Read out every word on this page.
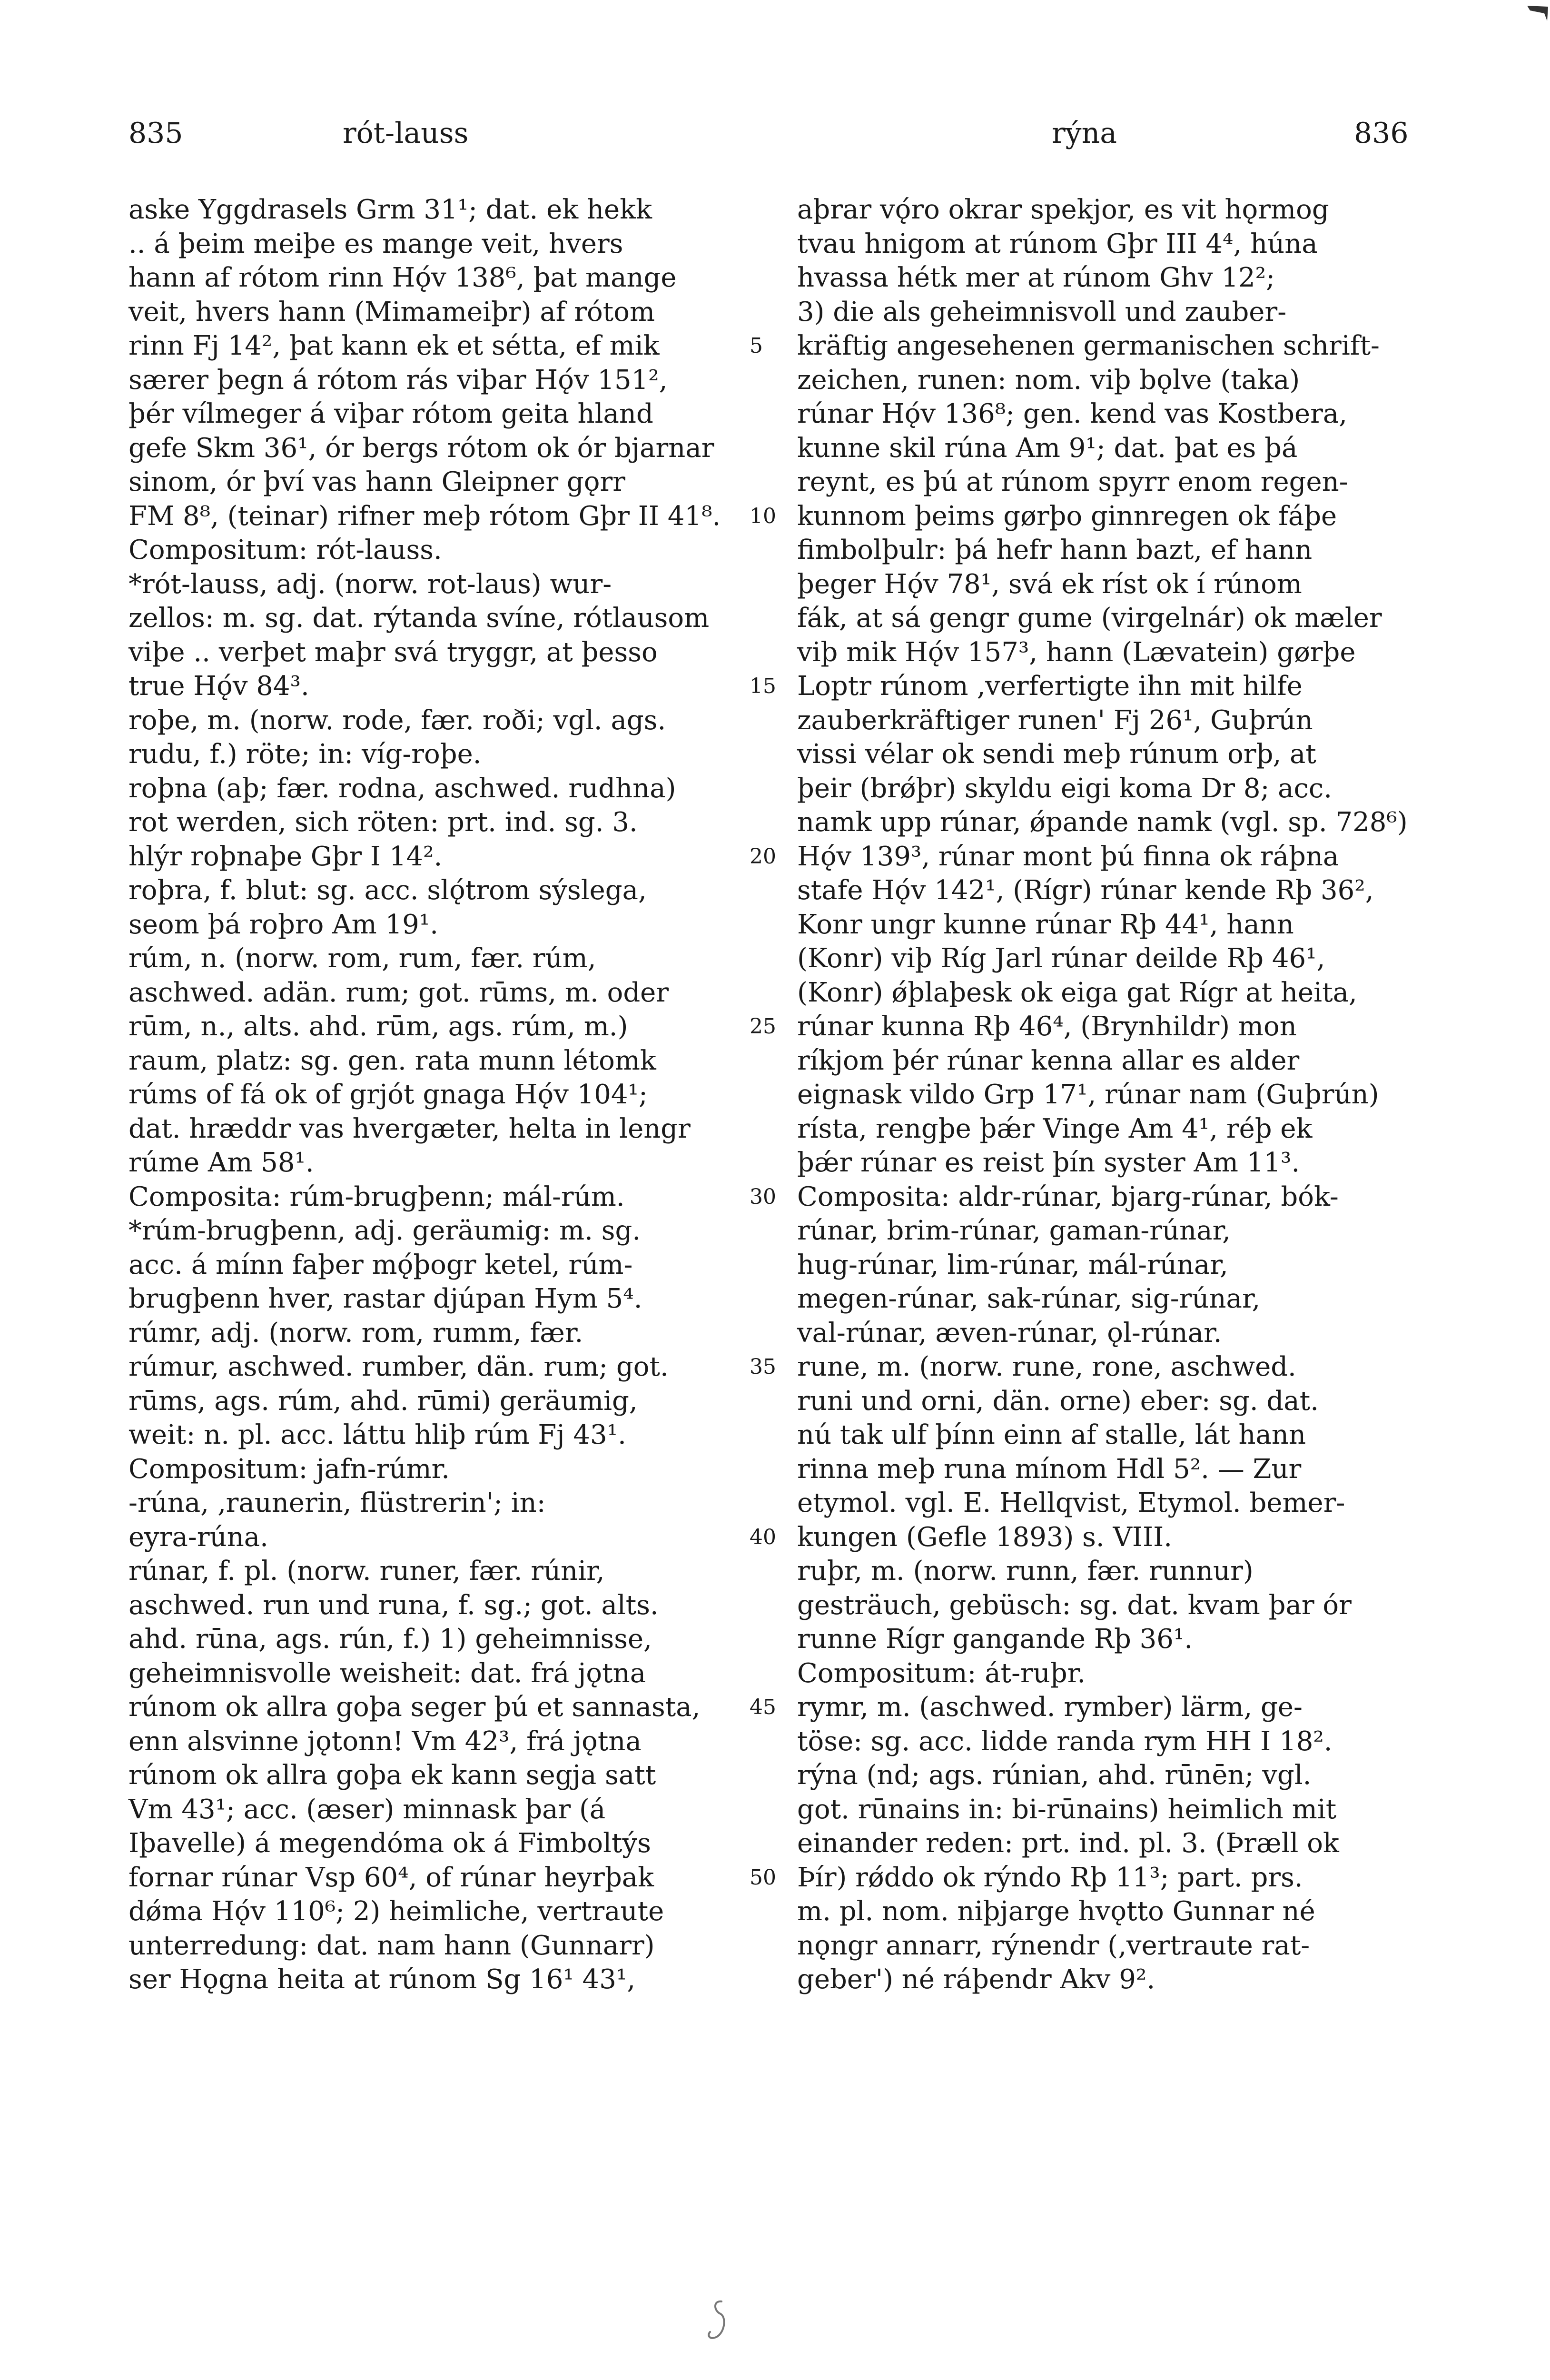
835	rót-lauss	rýna	836
aske Yggdrasels Grm 31¹; dat. ek hekk
.. á þeim meiþe es mange veit, hvers
hann af rótom rinn Hǫ́v 138⁶, þat mange
veit, hvers hann (Mimameiþr) af rótom
rinn Fj 14², þat kann ek et sétta, ef mik
særer þegn á rótom rás viþar Hǫ́v 151²,
þér vílmeger á viþar rótom geita hland
gefe Skm 36¹, ór bergs rótom ok ór bjarnar
sinom, ór því vas hann Gleipner gǫrr
FM 8⁸, (teinar) rifner meþ rótom Gþr II 41⁸.
Compositum: rót-lauss.
*rót-lauss, adj. (norw. rot-laus) wur-
zellos: m. sg. dat. rýtanda svíne, rótlausom
viþe .. verþet maþr svá tryggr, at þesso
true Hǫ́v 84³.
roþe, m. (norw. rode, fær. roði; vgl. ags.
rudu, f.) röte; in: víg-roþe.
roþna (aþ; fær. rodna, aschwed. rudhna)
rot werden, sich röten: prt. ind. sg. 3.
hlýr roþnaþe Gþr I 14².
roþra, f. blut: sg. acc. slǫ́trom sýslega,
seom þá roþro Am 19¹.
rúm, n. (norw. rom, rum, fær. rúm,
aschwed. adän. rum; got. rūms, m. oder
rūm, n., alts. ahd. rūm, ags. rúm, m.)
raum, platz: sg. gen. rata munn létomk
rúms of fá ok of grjót gnaga Hǫ́v 104¹;
dat. hræddr vas hvergæter, helta in lengr
rúme Am 58¹.
Composita: rúm-brugþenn; mál-rúm.
*rúm-brugþenn, adj. geräumig: m. sg.
acc. á mínn faþer mǫ́þogr ketel, rúm-
brugþenn hver, rastar djúpan Hym 5⁴.
rúmr, adj. (norw. rom, rumm, fær.
rúmur, aschwed. rumber, dän. rum; got.
rūms, ags. rúm, ahd. rūmi) geräumig,
weit: n. pl. acc. láttu hliþ rúm Fj 43¹.
Compositum: jafn-rúmr.
-rúna, ‚raunerin, flüstrerin'; in:
eyra-rúna.
rúnar, f. pl. (norw. runer, fær. rúnir,
aschwed. run und runa, f. sg.; got. alts.
ahd. rūna, ags. rún, f.) 1) geheimnisse,
geheimnisvolle weisheit: dat. frá jǫtna
rúnom ok allra goþa seger þú et sannasta,
enn alsvinne jǫtonn! Vm 42³, frá jǫtna
rúnom ok allra goþa ek kann segja satt
Vm 43¹; acc. (æser) minnask þar (á
Iþavelle) á megendóma ok á Fimboltýs
fornar rúnar Vsp 60⁴, of rúnar heyrþak
dǿma Hǫ́v 110⁶; 2) heimliche, vertraute
unterredung: dat. nam hann (Gunnarr)
ser Hǫgna heita at rúnom Sg 16¹ 43¹,
aþrar vǫ́ro okrar spekjor, es vit hǫrmog
tvau hnigom at rúnom Gþr III 4⁴, húna
hvassa hétk mer at rúnom Ghv 12²;
3) die als geheimnisvoll und zauber-
kräftig angesehenen germanischen schrift-
zeichen, runen: nom. viþ bǫlve (taka)
rúnar Hǫ́v 136⁸; gen. kend vas Kostbera,
kunne skil rúna Am 9¹; dat. þat es þá
reynt, es þú at rúnom spyrr enom regen-
kunnom þeims gørþo ginnregen ok fáþe
fimbolþulr: þá hefr hann bazt, ef hann
þeger Hǫ́v 78¹, svá ek ríst ok í rúnom
fák, at sá gengr gume (virgelnár) ok mæler
viþ mik Hǫ́v 157³, hann (Lævatein) gørþe
Loptr rúnom ‚verfertigte ihn mit hilfe
zauberkräftiger runen' Fj 26¹, Guþrún
vissi vélar ok sendi meþ rúnum orþ, at
þeir (brǿþr) skyldu eigi koma Dr 8; acc.
namk upp rúnar, ǿpande namk (vgl. sp. 728⁶)
Hǫ́v 139³, rúnar mont þú finna ok ráþna
stafe Hǫ́v 142¹, (Rígr) rúnar kende Rþ 36²,
Konr ungr kunne rúnar Rþ 44¹, hann
(Konr) viþ Ríg Jarl rúnar deilde Rþ 46¹,
(Konr) ǿþlaþesk ok eiga gat Rígr at heita,
rúnar kunna Rþ 46⁴, (Brynhildr) mon
ríkjom þér rúnar kenna allar es alder
eignask vildo Grp 17¹, rúnar nam (Guþrún)
rísta, rengþe þǽr Vinge Am 4¹, réþ ek
þǽr rúnar es reist þín syster Am 11³.
Composita: aldr-rúnar, bjarg-rúnar, bók-
rúnar, brim-rúnar, gaman-rúnar,
hug-rúnar, lim-rúnar, mál-rúnar,
megen-rúnar, sak-rúnar, sig-rúnar,
val-rúnar, æven-rúnar, ǫl-rúnar.
rune, m. (norw. rune, rone, aschwed.
runi und orni, dän. orne) eber: sg. dat.
nú tak ulf þínn einn af stalle, lát hann
rinna meþ runa mínom Hdl 5². — Zur
etymol. vgl. E. Hellqvist, Etymol. bemer-
kungen (Gefle 1893) s. VIII.
ruþr, m. (norw. runn, fær. runnur)
gesträuch, gebüsch: sg. dat. kvam þar ór
runne Rígr gangande Rþ 36¹.
Compositum: át-ruþr.
rymr, m. (aschwed. rymber) lärm, ge-
töse: sg. acc. lidde randa rym HH I 18².
rýna (nd; ags. rúnian, ahd. rūnēn; vgl.
got. rūnains in: bi-rūnains) heimlich mit
einander reden: prt. ind. pl. 3. (Þræll ok
Þír) rǿddo ok rýndo Rþ 11³; part. prs.
m. pl. nom. niþjarge hvǫtto Gunnar né
nǫngr annarr, rýnendr (‚vertraute rat-
geber') né ráþendr Akv 9².
5
10
15
20
25
30
35
40
45
50
